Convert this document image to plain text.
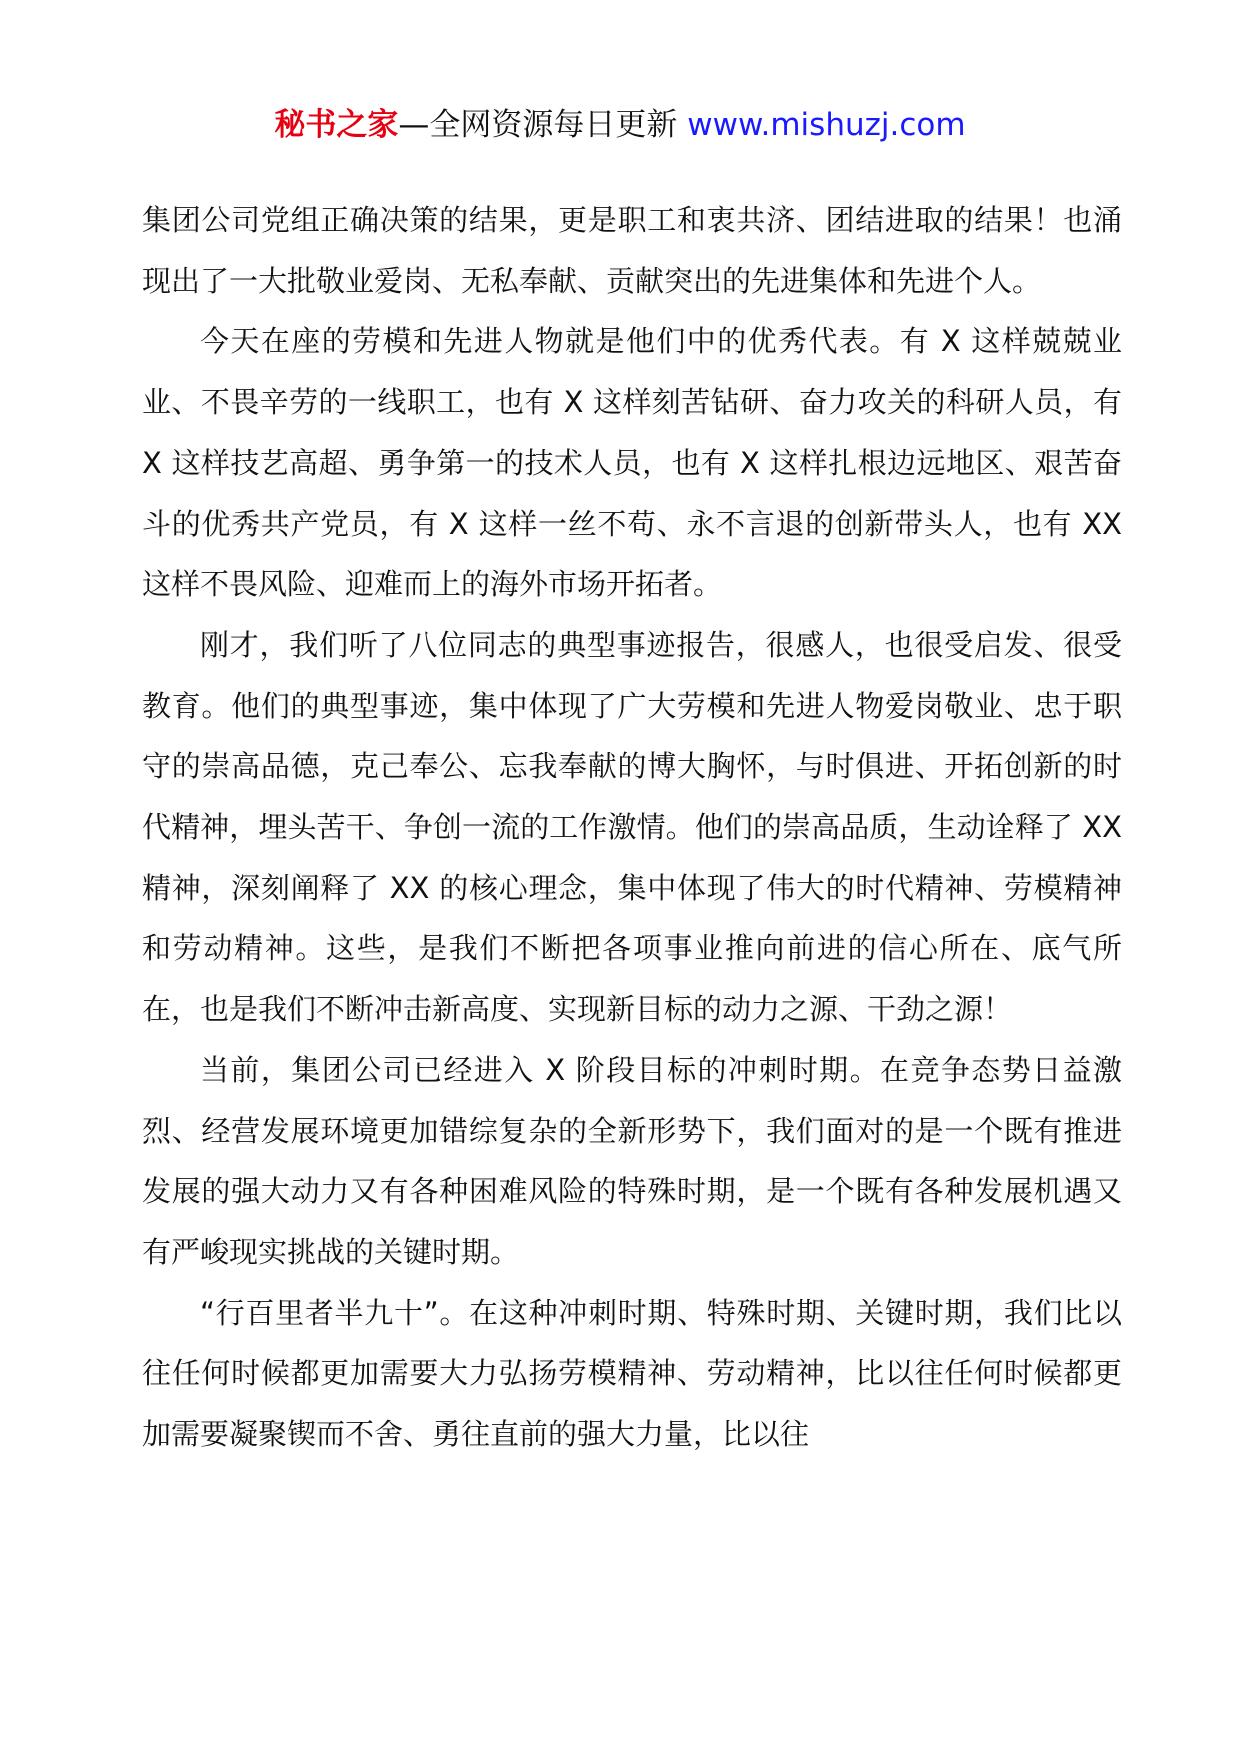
秘书之家—全网资源每日更新 www.mishuzj.com

集团公司党组正确决策的结果，更是职工和衷共济、团结进取的结果！也涌现出了一大批敬业爱岗、无私奉献、贡献突出的先进集体和先进个人。

今天在座的劳模和先进人物就是他们中的优秀代表。有 X 这样兢兢业业、不畏辛劳的一线职工，也有 X 这样刻苦钻研、奋力攻关的科研人员，有 X 这样技艺高超、勇争第一的技术人员，也有 X 这样扎根边远地区、艰苦奋斗的优秀共产党员，有 X 这样一丝不苟、永不言退的创新带头人，也有 XX 这样不畏风险、迎难而上的海外市场开拓者。

刚才，我们听了八位同志的典型事迹报告，很感人，也很受启发、很受教育。他们的典型事迹，集中体现了广大劳模和先进人物爱岗敬业、忠于职守的崇高品德，克己奉公、忘我奉献的博大胸怀，与时俱进、开拓创新的时代精神，埋头苦干、争创一流的工作激情。他们的崇高品质，生动诠释了 XX 精神，深刻阐释了 XX 的核心理念，集中体现了伟大的时代精神、劳模精神和劳动精神。这些，是我们不断把各项事业推向前进的信心所在、底气所在，也是我们不断冲击新高度、实现新目标的动力之源、干劲之源！

当前，集团公司已经进入 X 阶段目标的冲刺时期。在竞争态势日益激烈、经营发展环境更加错综复杂的全新形势下，我们面对的是一个既有推进发展的强大动力又有各种困难风险的特殊时期，是一个既有各种发展机遇又有严峻现实挑战的关键时期。

“行百里者半九十”。在这种冲刺时期、特殊时期、关键时期，我们比以往任何时候都更加需要大力弘扬劳模精神、劳动精神，比以往任何时候都更加需要凝聚锲而不舍、勇往直前的强大力量，比以往
